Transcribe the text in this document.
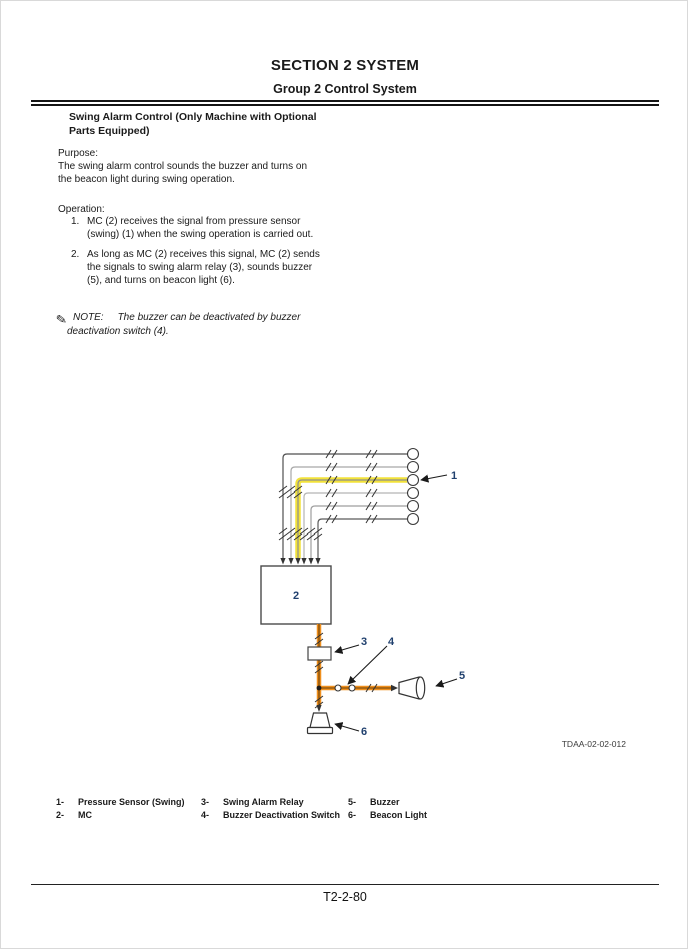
SECTION 2 SYSTEM
Group 2 Control System
Swing Alarm Control (Only Machine with Optional
Parts Equipped)
Purpose:
The swing alarm control sounds the buzzer and turns on
the beacon light during swing operation.
Operation:
1. MC (2) receives the signal from pressure sensor
(swing) (1) when the swing operation is carried out.
2. As long as MC (2) receives this signal, MC (2) sends
the signals to swing alarm relay (3), sounds buzzer
(5), and turns on beacon light (6).
✎ NOTE: The buzzer can be deactivated by buzzer
deactivation switch (4).
2
1
3 4
5
6
TDAA-02-02-012
1- Pressure Sensor (Swing)
2- MC
3- Swing Alarm Relay
4- Buzzer Deactivation Switch
5- Buzzer
6- Beacon Light
T2-2-80
